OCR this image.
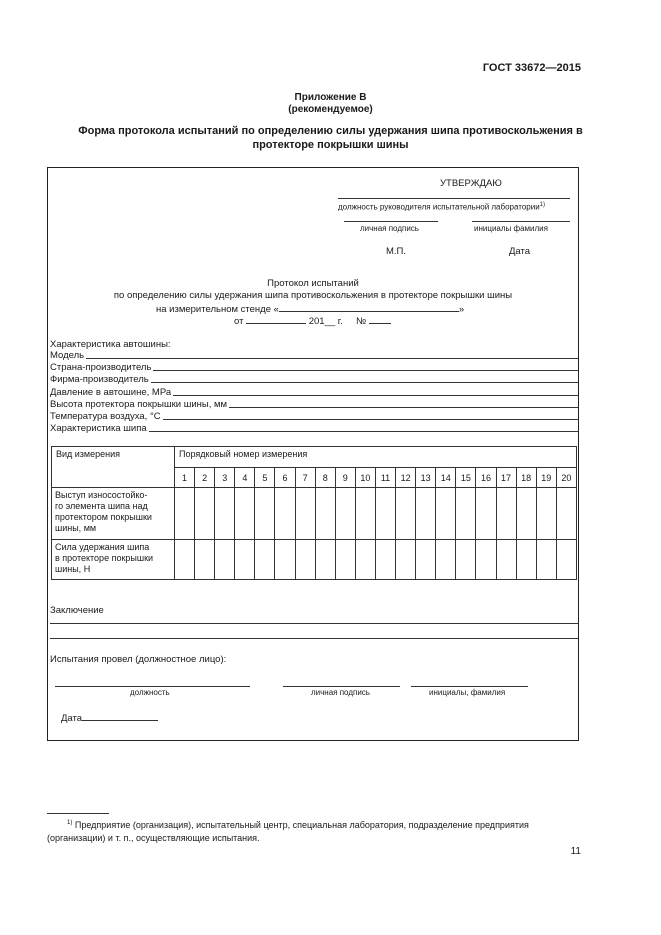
ГОСТ 33672—2015
Приложение В
(рекомендуемое)
Форма протокола испытаний по определению силы удержания шипа противоскольжения в
протекторе покрышки шины
УТВЕРЖДАЮ
должность руководителя испытательной лаборатории$^{1)}$
личная подпись	инициалы фамилия
М.П.	Дата
Протокол испытаний
по определению силы удержания шипа противоскольжения в протекторе покрышки шины
на измерительном стенде «	»
от	201__ г. №
Характеристика автошины:
Модель
Страна-производитель
Фирма-производитель
Давление в автошине, МРа
Высота протектора покрышки шины, мм
Температура воздуха, °С
Характеристика шипа
Вид измерения	Порядковый номер измерения																			
	1	2	3	4	5	6	7	8	9	10	11	12	13	14	15	16	17	18	19	20

Выступ износостойко-
го элемента шипа над
протектором покрышки
шины, мм																				

Сила удержания шипа
в протекторе покрышки
шины, Н																				

Заключение
Испытания провел (должностное лицо):
должность	личная подпись	инициалы, фамилия
Дата
$^{1)}$ Предприятие (организация), испытательный центр, специальная лаборатория, подразделение предприятия (организации) и т. п., осуществляющие испытания.
11
